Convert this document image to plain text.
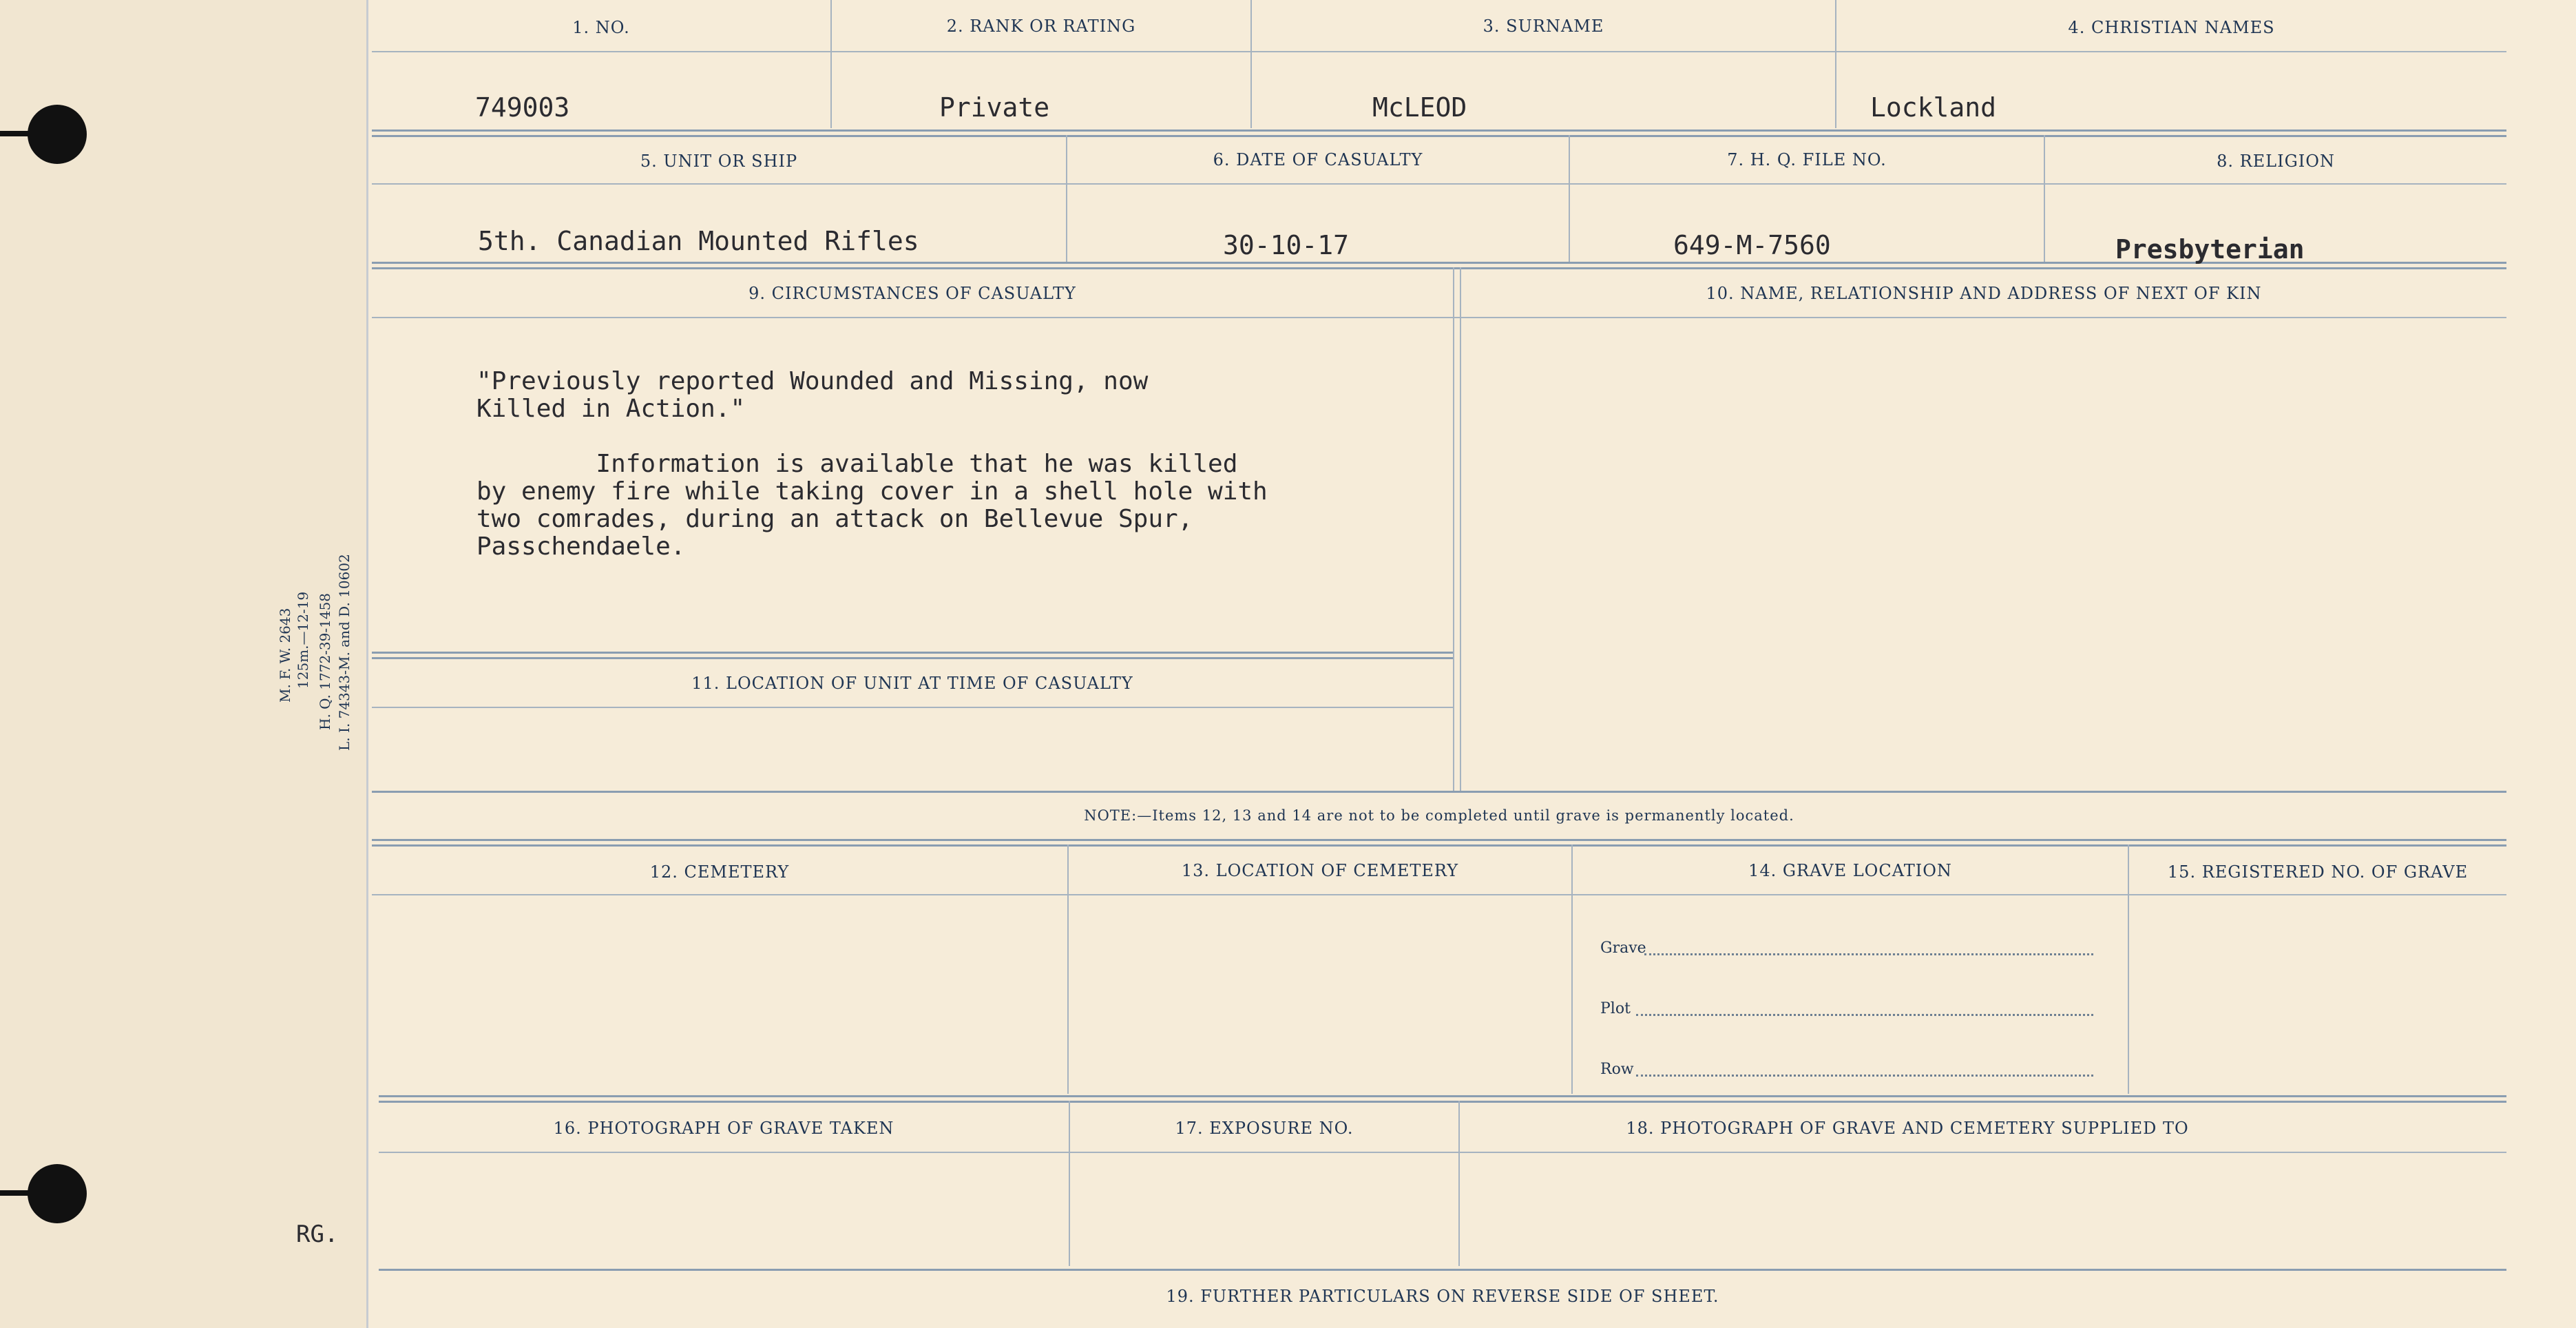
M. F. W. 2643 125m.—12-19 H. Q. 1772-39-1458 L. I. 74343-M. and D. 10602
RG.
1. NO.	2. RANK OR RATING	3. SURNAME	4. CHRISTIAN NAMES
749003	Private	McLEOD	Lockland
5. UNIT OR SHIP	6. DATE OF CASUALTY	7. H. Q. FILE NO.	8. RELIGION
5th. Canadian Mounted Rifles	30-10-17	649-M-7560	Presbyterian
9. CIRCUMSTANCES OF CASUALTY	10. NAME, RELATIONSHIP AND ADDRESS OF NEXT OF KIN
"Previously reported Wounded and Missing, now
Killed in Action."
Information is available that he was killed
by enemy fire while taking cover in a shell hole with
two comrades, during an attack on Bellevue Spur,
Passchendaele.
11. LOCATION OF UNIT AT TIME OF CASUALTY
NOTE:—Items 12, 13 and 14 are not to be completed until grave is permanently located.
12. CEMETERY	13. LOCATION OF CEMETERY	14. GRAVE LOCATION	15. REGISTERED NO. OF GRAVE
Grave
Plot
Row
16. PHOTOGRAPH OF GRAVE TAKEN	17. EXPOSURE NO.	18. PHOTOGRAPH OF GRAVE AND CEMETERY SUPPLIED TO
19. FURTHER PARTICULARS ON REVERSE SIDE OF SHEET.
